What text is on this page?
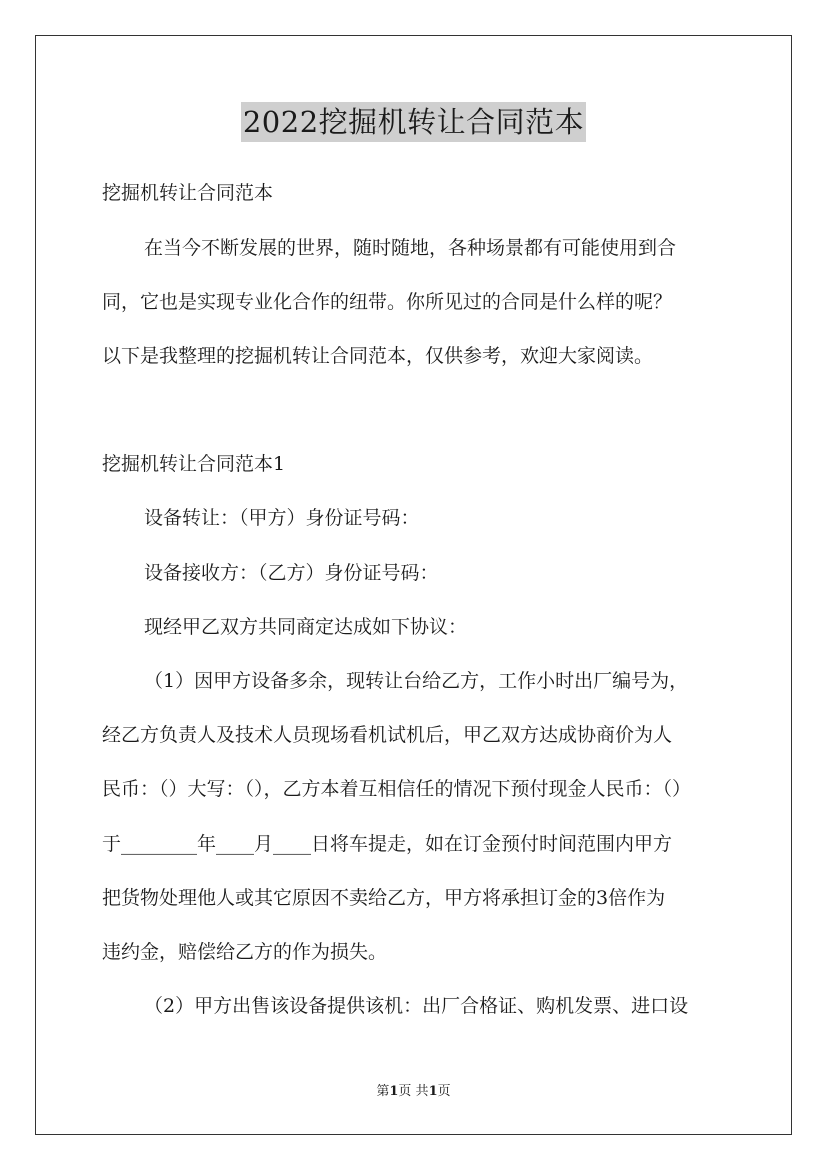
2022挖掘机转让合同范本
挖掘机转让合同范本
在当今不断发展的世界，随时随地，各种场景都有可能使用到合
同，它也是实现专业化合作的纽带。你所见过的合同是什么样的呢？
以下是我整理的挖掘机转让合同范本，仅供参考，欢迎大家阅读。
挖掘机转让合同范本1
设备转让：（甲方）身份证号码：
设备接收方：（乙方）身份证号码：
现经甲乙双方共同商定达成如下协议：
（1）因甲方设备多余，现转让台给乙方，工作小时出厂编号为，
经乙方负责人及技术人员现场看机试机后，甲乙双方达成协商价为人
民币：（）大写：（），乙方本着互相信任的情况下预付现金人民币：（）
于________年____月____日将车提走，如在订金预付时间范围内甲方
把货物处理他人或其它原因不卖给乙方，甲方将承担订金的3倍作为
违约金，赔偿给乙方的作为损失。
（2）甲方出售该设备提供该机：出厂合格证、购机发票、进口设
第1页 共1页
